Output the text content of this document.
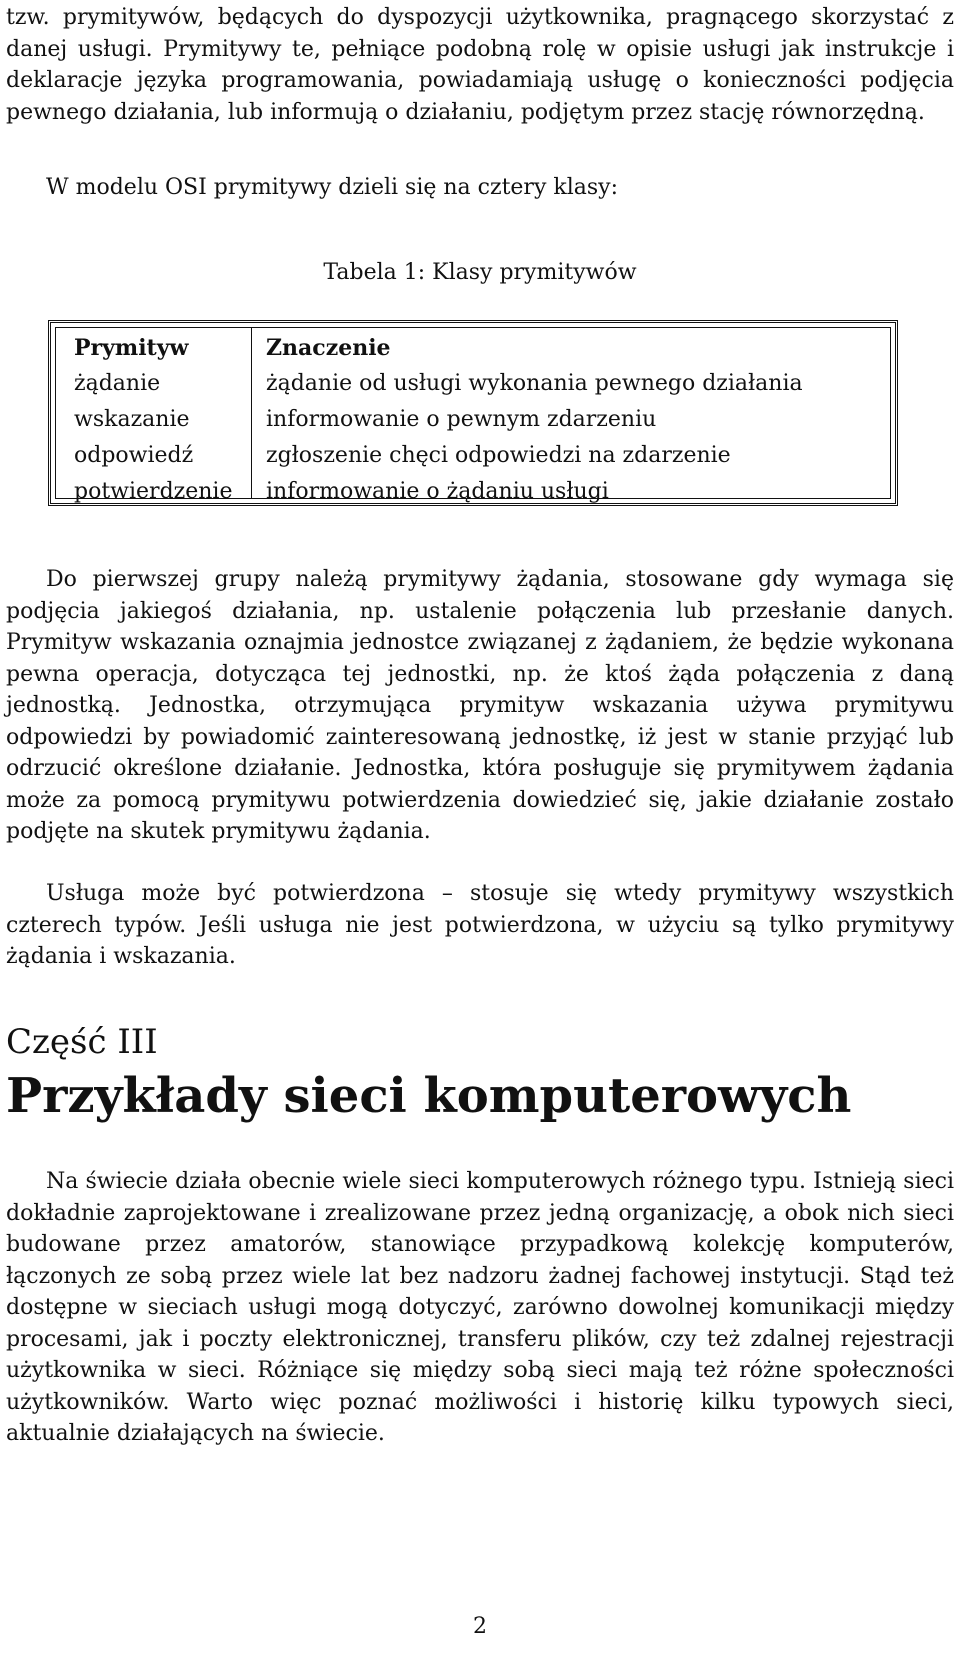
tzw. prymitywów, będących do dyspozycji użytkownika, pragnącego skorzystać z danej usługi. Prymitywy te, pełniące podobną rolę w opisie usługi jak instrukcje i deklaracje języka programowania, powiadamiają usługę o konieczności podjęcia pewnego działania, lub informują o działaniu, podjętym przez stację równorzędną.

W modelu OSI prymitywy dzieli się na cztery klasy:

Tabela 1: Klasy prymitywów
Prymityw
żądanie
wskazanie
odpowiedź
potwierdzenie
Znaczenie
żądanie od usługi wykonania pewnego działania
informowanie o pewnym zdarzeniu
zgłoszenie chęci odpowiedzi na zdarzenie
informowanie o żądaniu usługi

Do pierwszej grupy należą prymitywy żądania, stosowane gdy wymaga się podjęcia jakiegoś działania, np. ustalenie połączenia lub przesłanie danych. Prymityw wskazania oznajmia jednostce związanej z żądaniem, że będzie wykonana pewna operacja, dotycząca tej jednostki, np. że ktoś żąda połączenia z daną jednostką. Jednostka, otrzymująca prymityw wskazania używa prymitywu odpowiedzi by powiadomić zainteresowaną jednostkę, iż jest w stanie przyjąć lub odrzucić określone działanie. Jednostka, która posługuje się prymitywem żądania może za pomocą prymitywu potwierdzenia dowiedzieć się, jakie działanie zostało podjęte na skutek prymitywu żądania.

Usługa może być potwierdzona – stosuje się wtedy prymitywy wszystkich czterech typów. Jeśli usługa nie jest potwierdzona, w użyciu są tylko prymitywy żądania i wskazania.

Część III
Przykłady sieci komputerowych

Na świecie działa obecnie wiele sieci komputerowych różnego typu. Istnieją sieci dokładnie zaprojektowane i zrealizowane przez jedną organizację, a obok nich sieci budowane przez amatorów, stanowiące przypadkową kolekcję komputerów, łączonych ze sobą przez wiele lat bez nadzoru żadnej fachowej instytucji. Stąd też dostępne w sieciach usługi mogą dotyczyć, zarówno dowolnej komunikacji między procesami, jak i poczty elektronicznej, transferu plików, czy też zdalnej rejestracji użytkownika w sieci. Różniące się między sobą sieci mają też różne społeczności użytkowników. Warto więc poznać możliwości i historię kilku typowych sieci, aktualnie działających na świecie.

2
